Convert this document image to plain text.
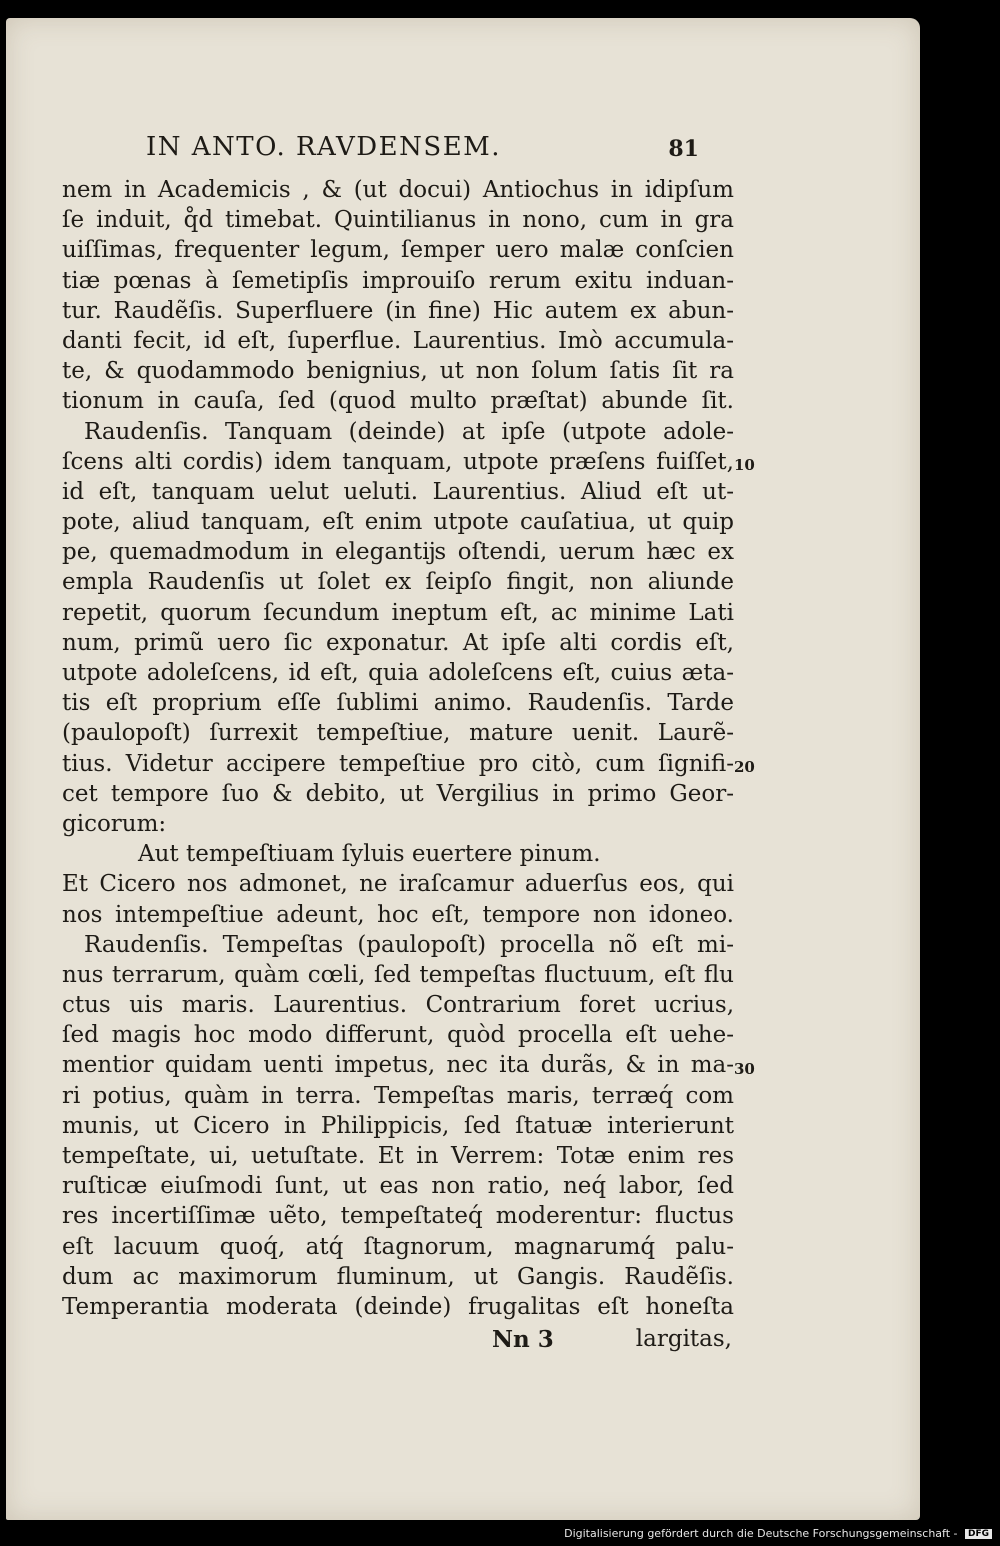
IN ANTO. RAVDENSEM.	81
nem in Academicis , & (ut docui) Antiochus in idipſum
ſe induit, q̊d timebat. Quintilianus in nono, cum in gra
uiſſimas, frequenter legum, ſemper uero malæ conſcien
tiæ pœnas à ſemetipſis improuiſo rerum exitu induan-
tur. Raudẽſis. Superfluere (in fine) Hic autem ex abun-
danti fecit, id eſt, ſuperflue. Laurentius. Imò accumula-
te, & quodammodo benignius, ut non ſolum ſatis ſit ra
tionum in cauſa, ſed (quod multo præſtat) abunde ſit.
Raudenſis. Tanquam (deinde) at ipſe (utpote adole-
ſcens alti cordis) idem tanquam, utpote præſens fuiſſet,
id eſt, tanquam uelut ueluti. Laurentius. Aliud eſt ut-
pote, aliud tanquam, eſt enim utpote cauſatiua, ut quip
pe, quemadmodum in elegantĳs oſtendi, uerum hæc ex
empla Raudenſis ut ſolet ex ſeipſo fingit, non aliunde
repetit, quorum ſecundum ineptum eſt, ac minime Lati
num, primũ uero ſic exponatur. At ipſe alti cordis eſt,
utpote adoleſcens, id eſt, quia adoleſcens eſt, cuius æta-
tis eſt proprium eſſe ſublimi animo. Raudenſis. Tarde
(paulopoſt) ſurrexit tempeſtiue, mature uenit. Laurẽ-
tius. Videtur accipere tempeſtiue pro citò, cum ſignifi-
cet tempore ſuo & debito, ut Vergilius in primo Geor-
gicorum:
Aut tempeſtiuam ſyluis euertere pinum.
Et Cicero nos admonet, ne iraſcamur aduerſus eos, qui
nos intempeſtiue adeunt, hoc eſt, tempore non idoneo.
Raudenſis. Tempeſtas (paulopoſt) procella nõ eſt mi-
nus terrarum, quàm cœli, ſed tempeſtas fluctuum, eſt flu
ctus uis maris. Laurentius. Contrarium foret ucrius,
ſed magis hoc modo differunt, quòd procella eſt uehe-
mentior quidam uenti impetus, nec ita durãs, & in ma-
ri potius, quàm in terra. Tempeſtas maris, terræq́ com
munis, ut Cicero in Philippicis, ſed ſtatuæ interierunt
tempeſtate, ui, uetuſtate. Et in Verrem: Totæ enim res
ruſticæ eiuſmodi ſunt, ut eas non ratio, neq́ labor, ſed
res incertiſſimæ uẽto, tempeſtateq́ moderentur: fluctus
eſt lacuum quoq́, atq́ ſtagnorum, magnarumq́ palu-
dum ac maximorum fluminum, ut Gangis. Raudẽſis.
Temperantia moderata (deinde) frugalitas eſt honeſta
10
20
30
Nn 3	largitas,
Digitalisierung gefördert durch die Deutsche Forschungsgemeinschaft - DFG
